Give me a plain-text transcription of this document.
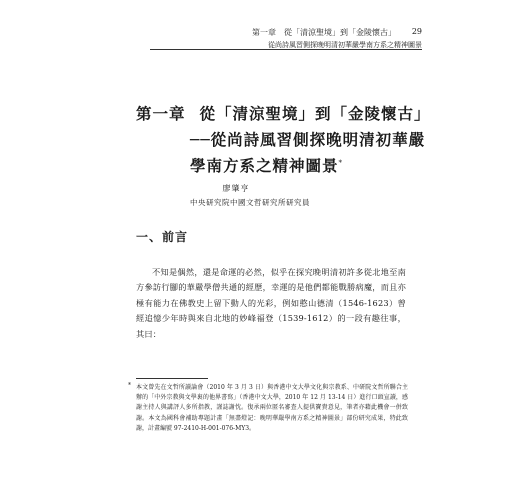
第一章　從「清涼聖境」到「金陵懷古」	29
從尚詩風習側探晚明清初華嚴學南方系之精神圖景
第一章 從「清涼聖境」到「金陵懷古」
──從尚詩風習側探晚明清初華嚴
學南方系之精神圖景*
廖肇亨
中央研究院中國文哲研究所研究員
一、前言

不知是偶然，還是命運的必然，似乎在探究晚明清初許多從北地至南方參訪行腳的華嚴學僧共通的經歷，幸運的是他們都能戰勝病魔，而且亦極有能力在佛教史上留下動人的光彩，例如憨山德清（1546-1623）曾經追憶少年時與來自北地的妙峰福登（1539-1612）的一段有趣往事，其曰：

* 本文曾先在文哲所讀論會（2010 年 3 月 3 日）與香港中文大學文化與宗教系、中研院文哲所聯合主辦的「中外宗教與文學裏的他界書寫」（香港中文大學，2010 年 12 月 13-14 日）進行口頭宣讀，感謝主持人與講評人多所指教，謹誌謝忱。復承兩位匿名審查人提供寶貴意見，筆者亦藉此機會一併致謝。本文為國科會補助專題計畫「無盡燈記：晚明華嚴學南方系之精神圖景」部份研究成果，特此致謝，計畫編號 97-2410-H-001-076-MY3。
